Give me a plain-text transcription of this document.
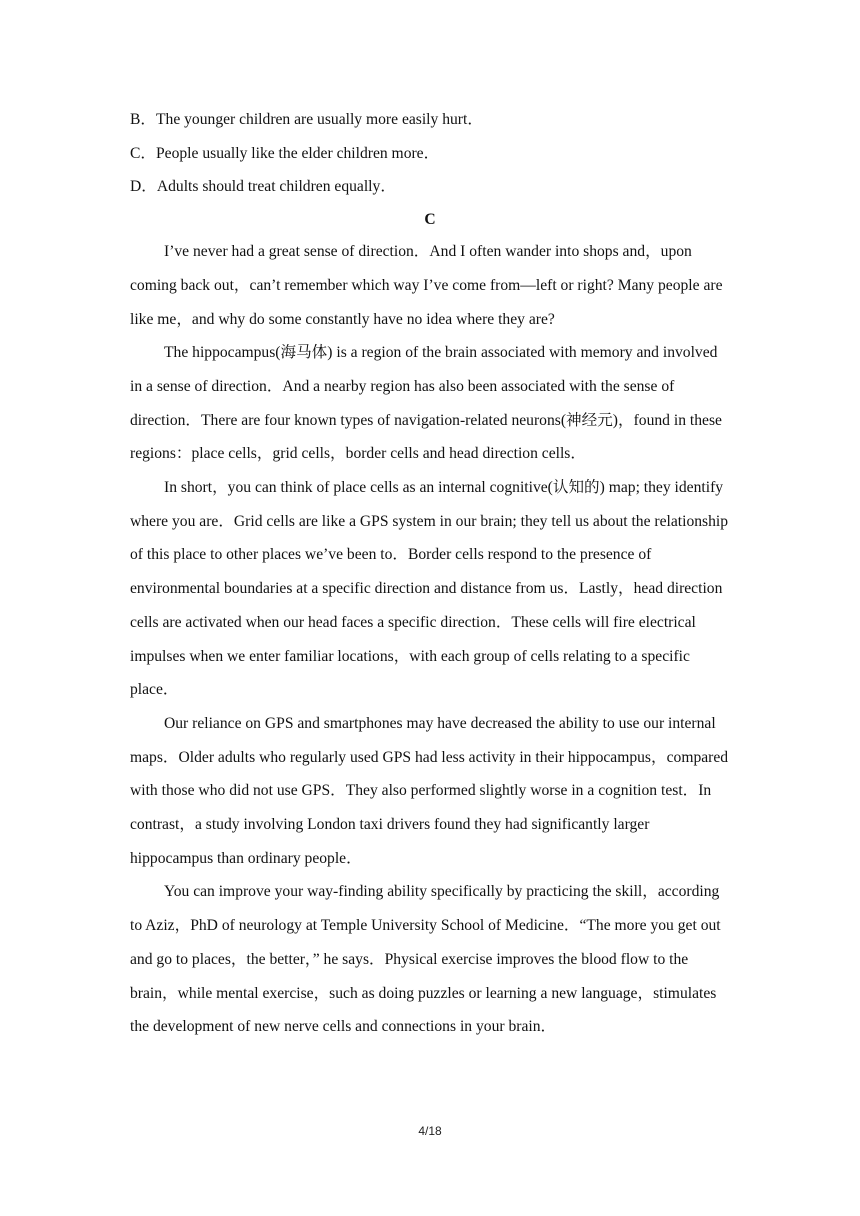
B．The younger children are usually more easily hurt．

C．People usually like the elder children more．

D．Adults should treat children equally．

C

I’ve never had a great sense of direction．And I often wander into shops and，upon coming back out，can’t remember which way I’ve come from—left or right? Many people are like me，and why do some constantly have no idea where they are?

The hippocampus(海马体) is a region of the brain associated with memory and involved in a sense of direction．And a nearby region has also been associated with the sense of direction．There are four known types of navigation-related neurons(神经元)，found in these regions：place cells，grid cells，border cells and head direction cells．

In short，you can think of place cells as an internal cognitive(认知的) map; they identify where you are．Grid cells are like a GPS system in our brain; they tell us about the relationship of this place to other places we’ve been to．Border cells respond to the presence of environmental boundaries at a specific direction and distance from us．Lastly，head direction cells are activated when our head faces a specific direction．These cells will fire electrical impulses when we enter familiar locations，with each group of cells relating to a specific place．

Our reliance on GPS and smartphones may have decreased the ability to use our internal maps．Older adults who regularly used GPS had less activity in their hippocampus，compared with those who did not use GPS．They also performed slightly worse in a cognition test．In contrast，a study involving London taxi drivers found they had significantly larger hippocampus than ordinary people．

You can improve your way-finding ability specifically by practicing the skill，according to Aziz，PhD of neurology at Temple University School of Medicine．“The more you get out and go to places，the better，” he says．Physical exercise improves the blood flow to the brain，while mental exercise，such as doing puzzles or learning a new language，stimulates the development of new nerve cells and connections in your brain．

4/18
